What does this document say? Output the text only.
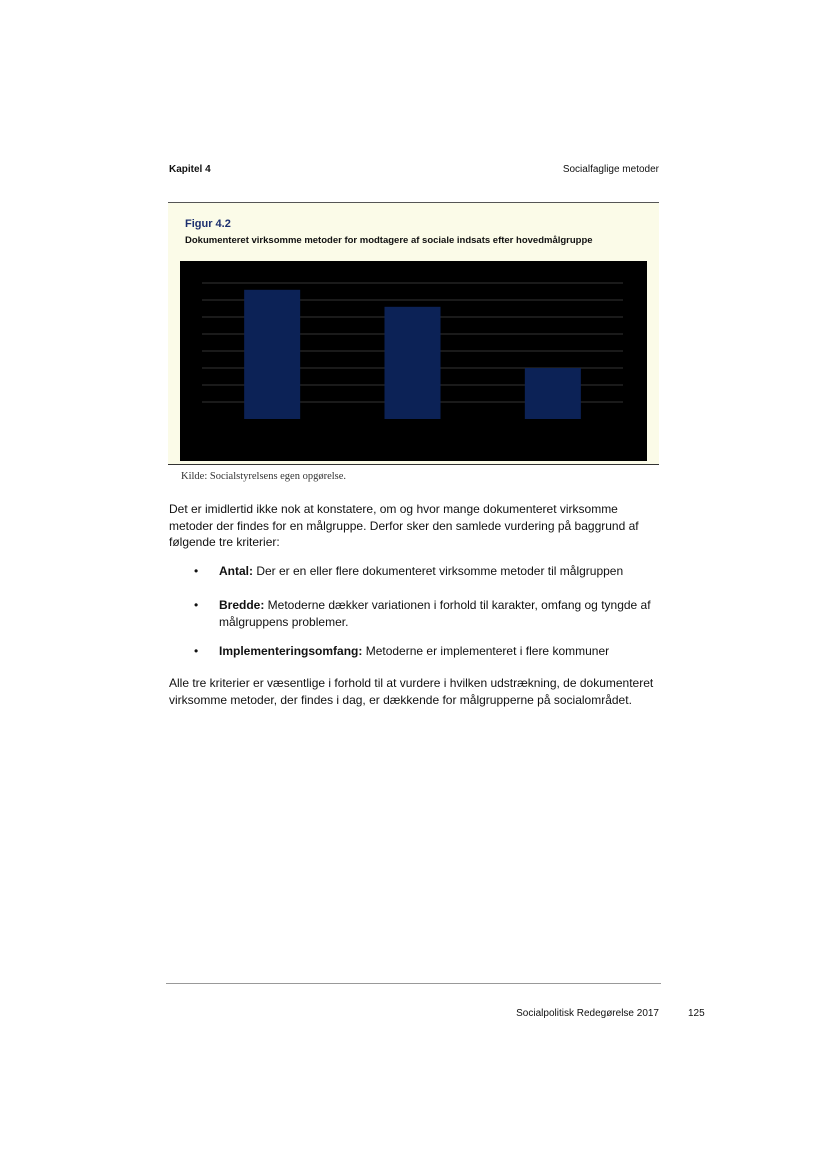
Kapitel 4	Socialfaglige metoder
Figur 4.2
Dokumenteret virksomme metoder for modtagere af sociale indsats efter hovedmålgruppe
Kilde: Socialstyrelsens egen opgørelse.
Det er imidlertid ikke nok at konstatere, om og hvor mange dokumenteret virksomme metoder der findes for en målgruppe. Derfor sker den samlede vurdering på baggrund af følgende tre kriterier:
• Antal: Der er en eller flere dokumenteret virksomme metoder til målgruppen
• Bredde: Metoderne dækker variationen i forhold til karakter, omfang og tyngde af målgruppens problemer.
• Implementeringsomfang: Metoderne er implementeret i flere kommuner
Alle tre kriterier er væsentlige i forhold til at vurdere i hvilken udstrækning, de dokumenteret virksomme metoder, der findes i dag, er dækkende for målgrupperne på socialområdet.
Socialpolitisk Redegørelse 2017	125
